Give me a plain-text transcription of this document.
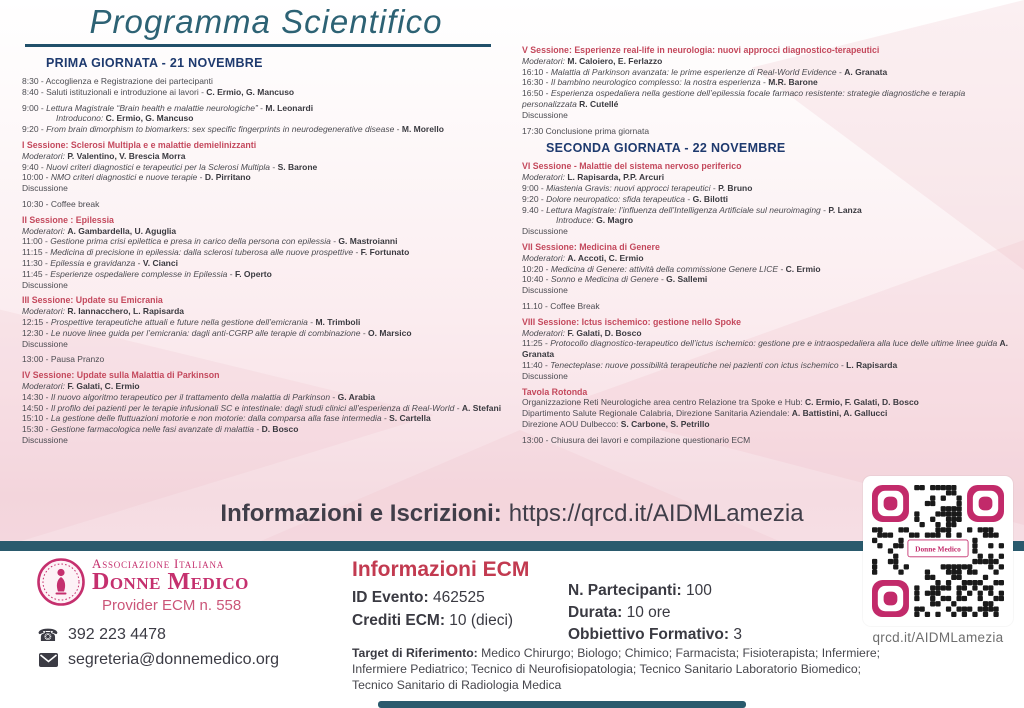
Programma Scientifico
PRIMA GIORNATA - 21 NOVEMBRE
8:30 - Accoglienza e Registrazione dei partecipanti
8:40 - Saluti istituzionali e introduzione ai lavori - C. Ermio, G. Mancuso
9:00 - Lettura Magistrale “Brain health e malattie neurologiche” - M. Leonardi
Introducono: C. Ermio, G. Mancuso
9:20 - From brain dimorphism to biomarkers: sex specific fingerprints in neurodegenerative disease - M. Morello
I Sessione: Sclerosi Multipla e e malattie demielinizzanti
Moderatori: P. Valentino, V. Brescia Morra
9:40 - Nuovi criteri diagnostici e terapeutici per la Sclerosi Multipla - S. Barone
10:00 - NMO criteri diagnostici e nuove terapie - D. Pirritano
Discussione
10:30 - Coffee break
II Sessione : Epilessia
Moderatori: A. Gambardella, U. Aguglia
11:00 - Gestione prima crisi epilettica e presa in carico della persona con epilessia - G. Mastroianni
11:15 - Medicina di precisione in epilessia: dalla sclerosi tuberosa alle nuove prospettive - F. Fortunato
11:30 - Epilessia e gravidanza - V. Cianci
11:45 - Esperienze ospedaliere complesse in Epilessia - F. Operto
Discussione
III Sessione: Update su Emicrania
Moderatori: R. Iannacchero, L. Rapisarda
12:15 - Prospettive terapeutiche attuali e future nella gestione dell’emicrania - M. Trimboli
12:30 - Le nuove linee guida per l’emicrania: dagli anti-CGRP alle terapie di combinazione - O. Marsico
Discussione
13:00 - Pausa Pranzo
IV Sessione: Update sulla Malattia di Parkinson
Moderatori: F. Galati, C. Ermio
14:30 - Il nuovo algoritmo terapeutico per il trattamento della malattia di Parkinson - G. Arabia
14:50 - Il profilo dei pazienti per le terapie infusionali SC e intestinale: dagli studi clinici all’esperienza di Real-World - A. Stefani
15:10 - La gestione delle fluttuazioni motorie e non motorie: dalla comparsa alla fase intermedia - S. Cartella
15:30 - Gestione farmacologica nelle fasi avanzate di malattia - D. Bosco
Discussione
V Sessione: Esperienze real-life in neurologia: nuovi approcci diagnostico-terapeutici
Moderatori: M. Caloiero, E. Ferlazzo
16:10 - Malattia di Parkinson avanzata: le prime esperienze di Real-World Evidence - A. Granata
16:30 - Il bambino neurologico complesso: la nostra esperienza - M.R. Barone
16:50 - Esperienza ospedaliera nella gestione dell’epilessia focale farmaco resistente: strategie diagnostiche e terapia personalizzata R. Cutellé
Discussione
17:30 Conclusione prima giornata
SECONDA GIORNATA - 22 NOVEMBRE
VI Sessione - Malattie del sistema nervoso periferico
Moderatori: L. Rapisarda, P.P. Arcuri
9:00 - Miastenia Gravis: nuovi approcci terapeutici - P. Bruno
9:20 - Dolore neuropatico: sfida terapeutica - G. Bilotti
9.40 - Lettura Magistrale: l’influenza dell’Intelligenza Artificiale sul neuroimaging - P. Lanza
Introduce: G. Magro
Discussione
VII Sessione: Medicina di Genere
Moderatori: A. Accoti, C. Ermio
10:20 - Medicina di Genere: attività della commissione Genere LICE - C. Ermio
10:40 - Sonno e Medicina di Genere - G. Sallemi
Discussione
11.10 - Coffee Break
VIII Sessione: Ictus ischemico: gestione nello Spoke
Moderatori: F. Galati, D. Bosco
11:25 - Protocollo diagnostico-terapeutico dell’ictus ischemico: gestione pre e intraospedaliera alla luce delle ultime linee guida A. Granata
11:40 - Tenecteplase: nuove possibilità terapeutiche nei pazienti con ictus ischemico - L. Rapisarda
Discussione
Tavola Rotonda
Organizzazione Reti Neurologiche area centro Relazione tra Spoke e Hub: C. Ermio, F. Galati, D. Bosco
Dipartimento Salute Regionale Calabria, Direzione Sanitaria Aziendale: A. Battistini, A. Gallucci
Direzione AOU Dulbecco: S. Carbone, S. Petrillo
13:00 - Chiusura dei lavori e compilazione questionario ECM
Informazioni e Iscrizioni: https://qrcd.it/AIDMLamezia
Donne Medico
qrcd.it/AIDMLamezia
Associazione Italiana
Donne Medico
Provider ECM n. 558
☎ 392 223 4478
segreteria@donnemedico.org
Informazioni ECM
ID Evento: 462525
Crediti ECM: 10 (dieci)
N. Partecipanti: 100
Durata: 10 ore
Obbiettivo Formativo: 3
Target di Riferimento: Medico Chirurgo; Biologo; Chimico; Farmacista; Fisioterapista; Infermiere; Infermiere Pediatrico; Tecnico di Neurofisiopatologia; Tecnico Sanitario Laboratorio Biomedico; Tecnico Sanitario di Radiologia Medica
